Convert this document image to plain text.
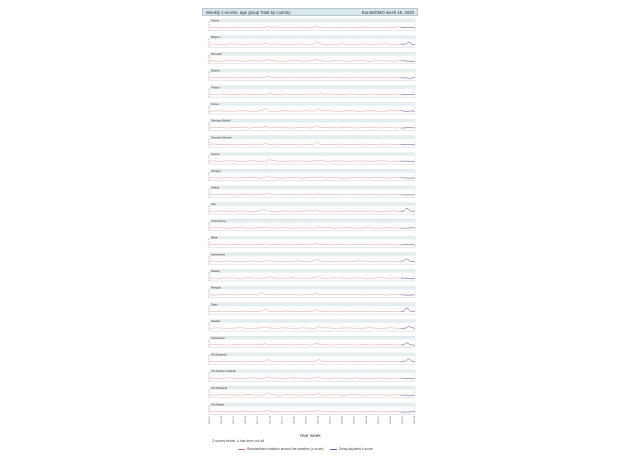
Weekly z-scores, age group Total by country	EuroMOMO week 15, 2020
Austria
4
2
0
-2
Belgium
4
2
0
-2
Denmark
4
2
0
-2
Estonia
4
2
0
-2
Finland
4
2
0
-2
France
4
2
0
-2
Germany (Berlin)
4
2
0
-2
Germany (Hesse)
4
2
0
-2
Greece
4
2
0
-2
Hungary
4
2
0
-2
Ireland
4
2
0
-2
Italy
4
2
0
-2
Luxembourg
4
2
0
-2
Malta
4
2
0
-2
Netherlands
4
2
0
-2
Norway
4
2
0
-2
Portugal
4
2
0
-2
Spain
4
2
0
-2
Sweden
4
2
0
-2
Switzerland
4
2
0
-2
UK (England)
4
2
0
-2
UK (Northern Ireland)
4
2
0
-2
UK (Scotland)
4
2
0
-2
UK (Wales)
4
2
0
-2
2016-01	2016-14	2016-27	2016-40	2017-01	2017-14	2017-27	2017-40	2018-01	2018-14	2018-27	2018-40	2019-01	2019-14	2019-27	2019-40	2020-01	2020-14
Year week
Z-scores below -4 has been cut off
Standardised variation around the baseline (z-score)	Delay-adjusted z-score
